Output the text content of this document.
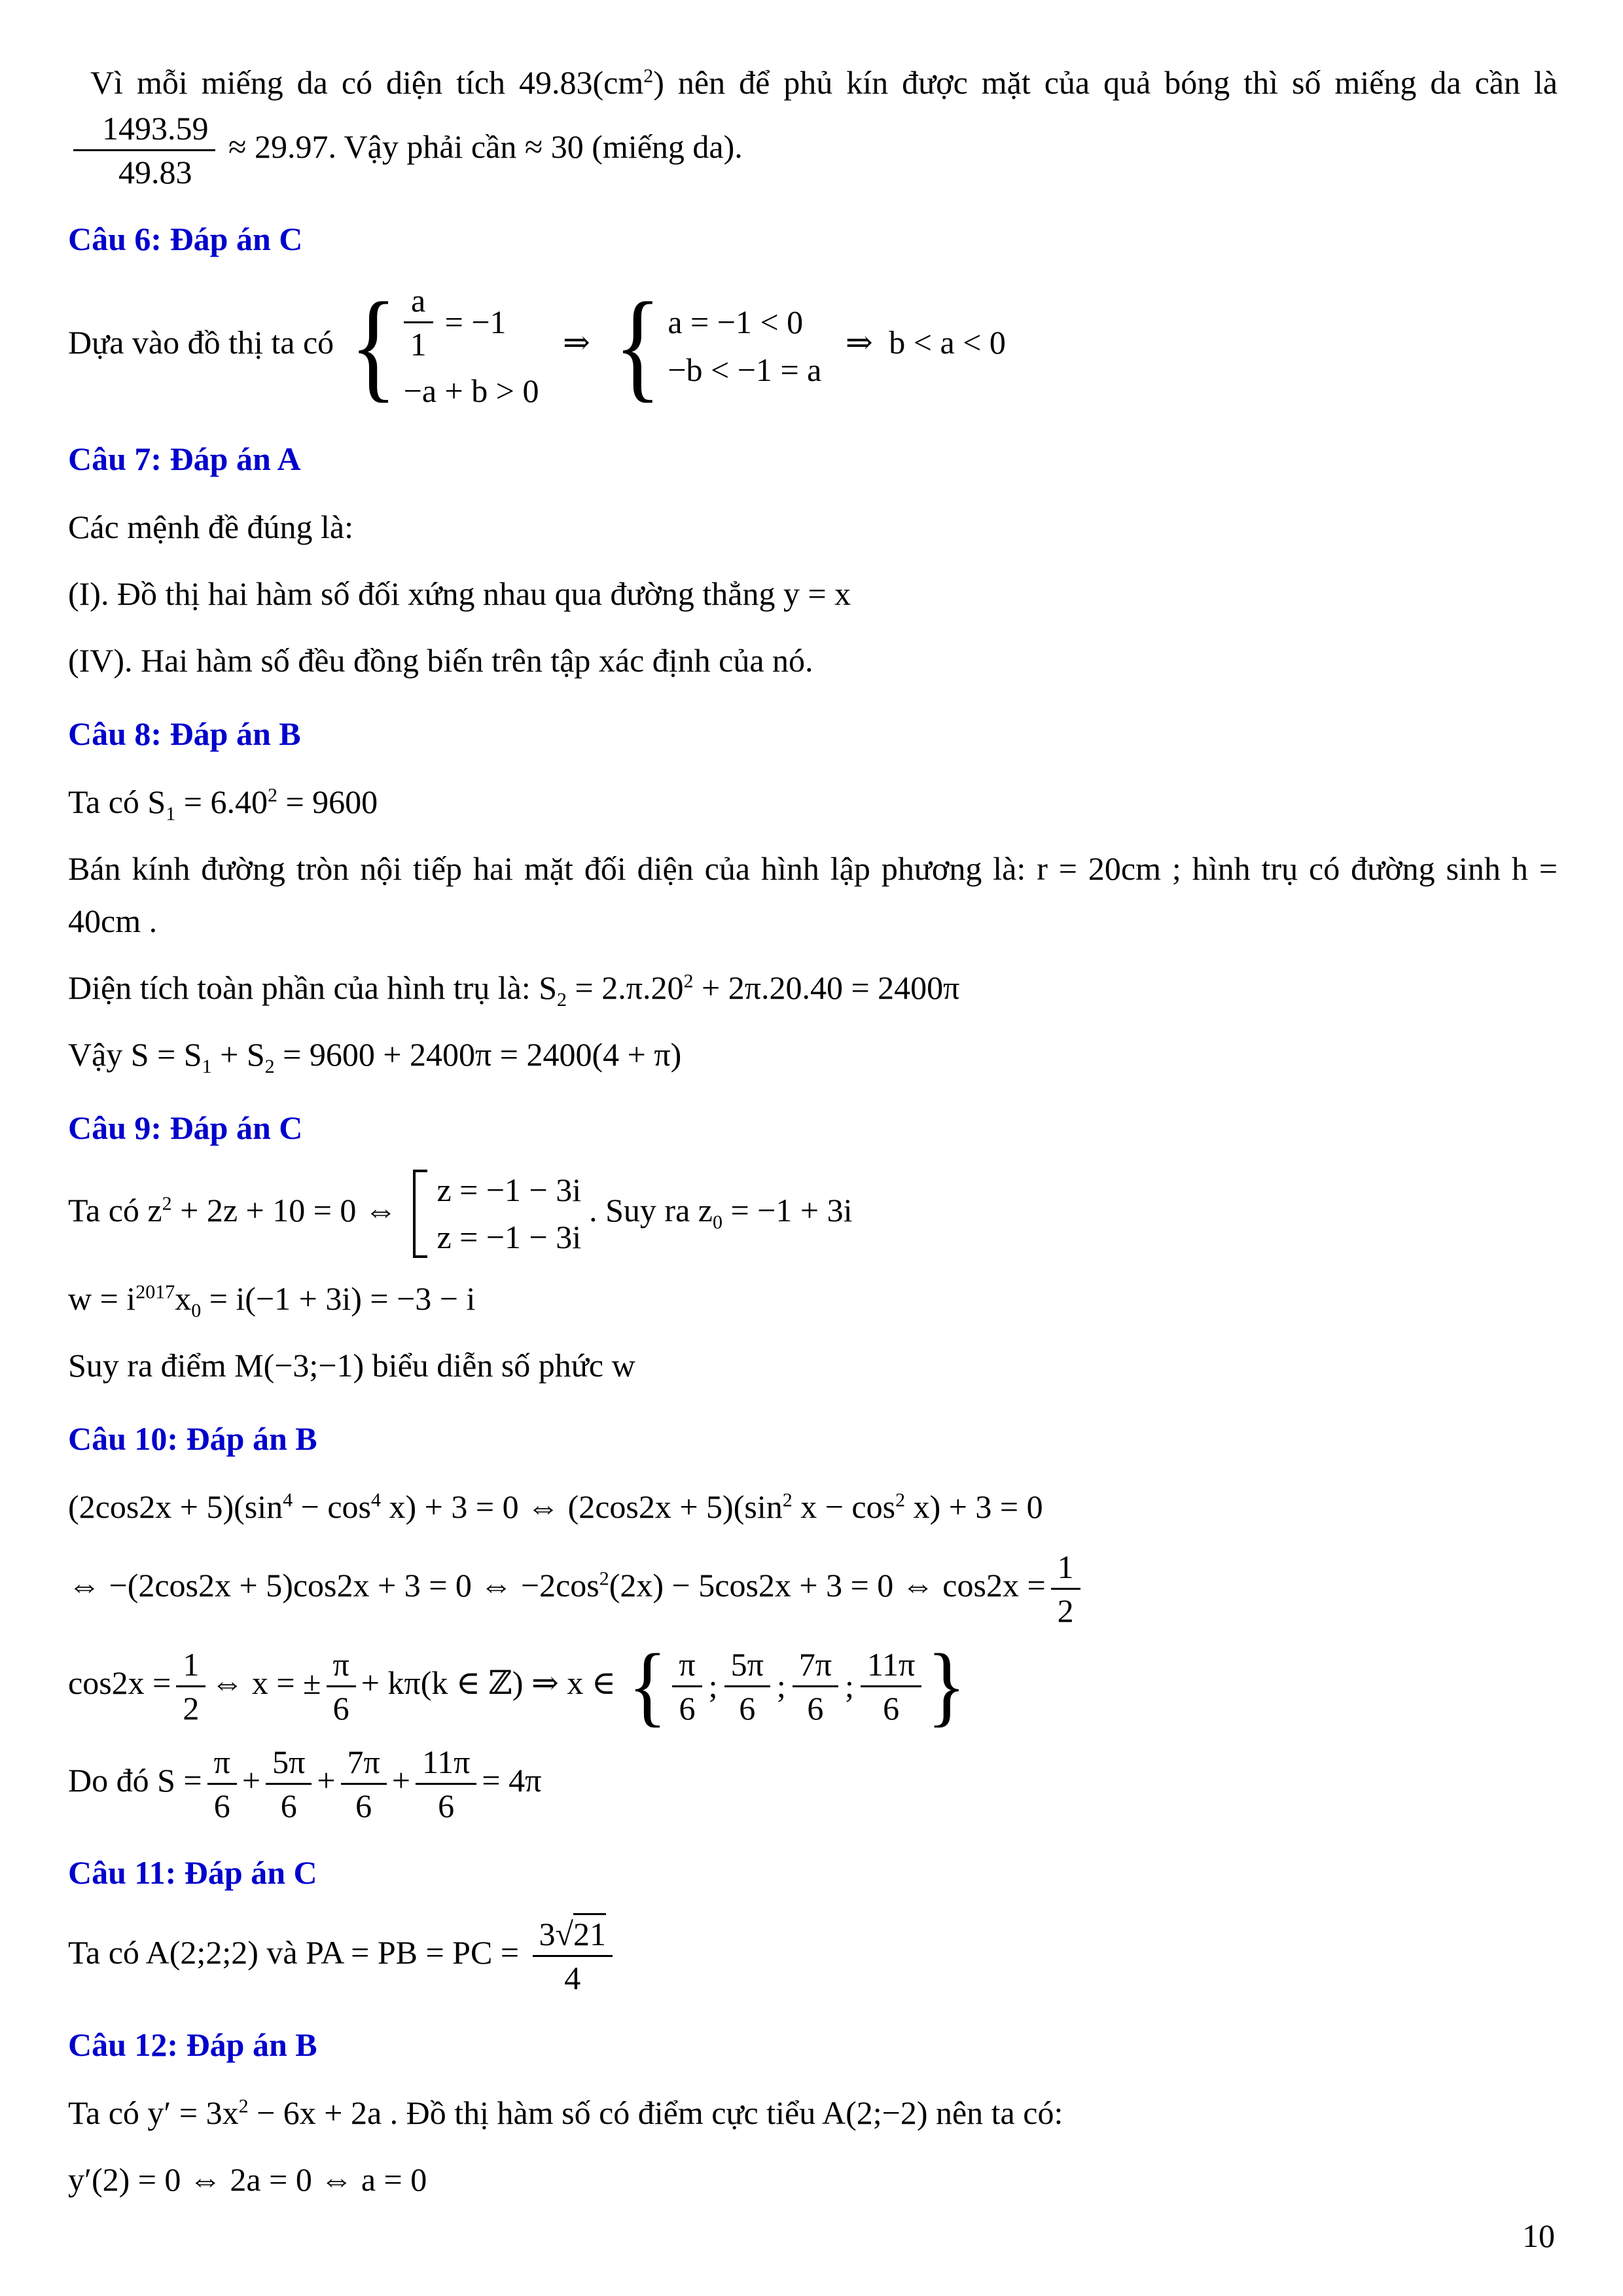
Vì mỗi miếng da có diện tích $49.83(cm^2)$ nên để phủ kín được mặt của quả bóng thì số miếng da cần là
$\frac{1493.59}{49.83} \approx 29.97$. Vậy phải cần ≈ 30 (miếng da).
Câu 6: Đáp án C
Dựa vào đồ thị ta có { $\frac{a}{1} = -1$
−a + b > 0
⇒ { a = −1 < 0
−b < −1 = a
⇒ b < a < 0
Câu 7: Đáp án A
Các mệnh đề đúng là:
(I). Đồ thị hai hàm số đối xứng nhau qua đường thẳng y = x
(IV). Hai hàm số đều đồng biến trên tập xác định của nó.
Câu 8: Đáp án B
Ta có $S_1 = 6.40^2 = 9600$
Bán kính đường tròn nội tiếp hai mặt đối diện của hình lập phương là: r = 20cm ; hình trụ có đường sinh h = 40cm .
Diện tích toàn phần của hình trụ là: $S_2 = 2.\pi.20^2 + 2\pi.20.40 = 2400\pi$
Vậy $S = S_1 + S_2 = 9600 + 2400\pi = 2400(4 + \pi)$
Câu 9: Đáp án C
Ta có $z^2 + 2z + 10 = 0$ ⇔
z = −1 − 3i
z = −1 − 3i
. Suy ra $z_0 = -1 + 3i$
$w = i^{2017}x_0 = i(-1 + 3i) = -3 - i$
Suy ra điểm M(−3;−1) biểu diễn số phức w
Câu 10: Đáp án B
$(2\cos 2x + 5)(\sin^4 - \cos^4 x) + 3 = 0$ ⇔ $(2\cos 2x + 5)(\sin^2$ $x - \cos^2 x) + 3 = 0$
⇔ −(2cos2x + 5)cos2x + 3 = 0 ⇔ $-2\cos^2(2x) - 5\cos 2x + 3 = 0$ ⇔ $\cos 2x = \frac{1}{2}$
$\cos 2x = \frac{1}{2}$ ⇔ x = ± $\frac{\pi}{6} + k\pi(k$ ∈ ℤ) ⇒ x ∈ { $\frac{\pi}{6}$ ; $\frac{5\pi}{6}$ ; $\frac{7\pi}{6}$ ; $\frac{11\pi}{6}$ }
Do đó $S = \frac{\pi}{6} + \frac{5\pi}{6} + \frac{7\pi}{6} + \frac{11\pi}{6} = 4\pi$
Câu 11: Đáp án C
Ta có A(2;2;2) và PA = PB = PC = $\frac{3√21}{4}$
Câu 12: Đáp án B
Ta có $y' = 3x^2 - 6x + 2a$ . Đồ thị hàm số có điểm cực tiểu A(2;−2) nên ta có:
y′(2) = 0 ⇔ 2a = 0 ⇔ a = 0
10
